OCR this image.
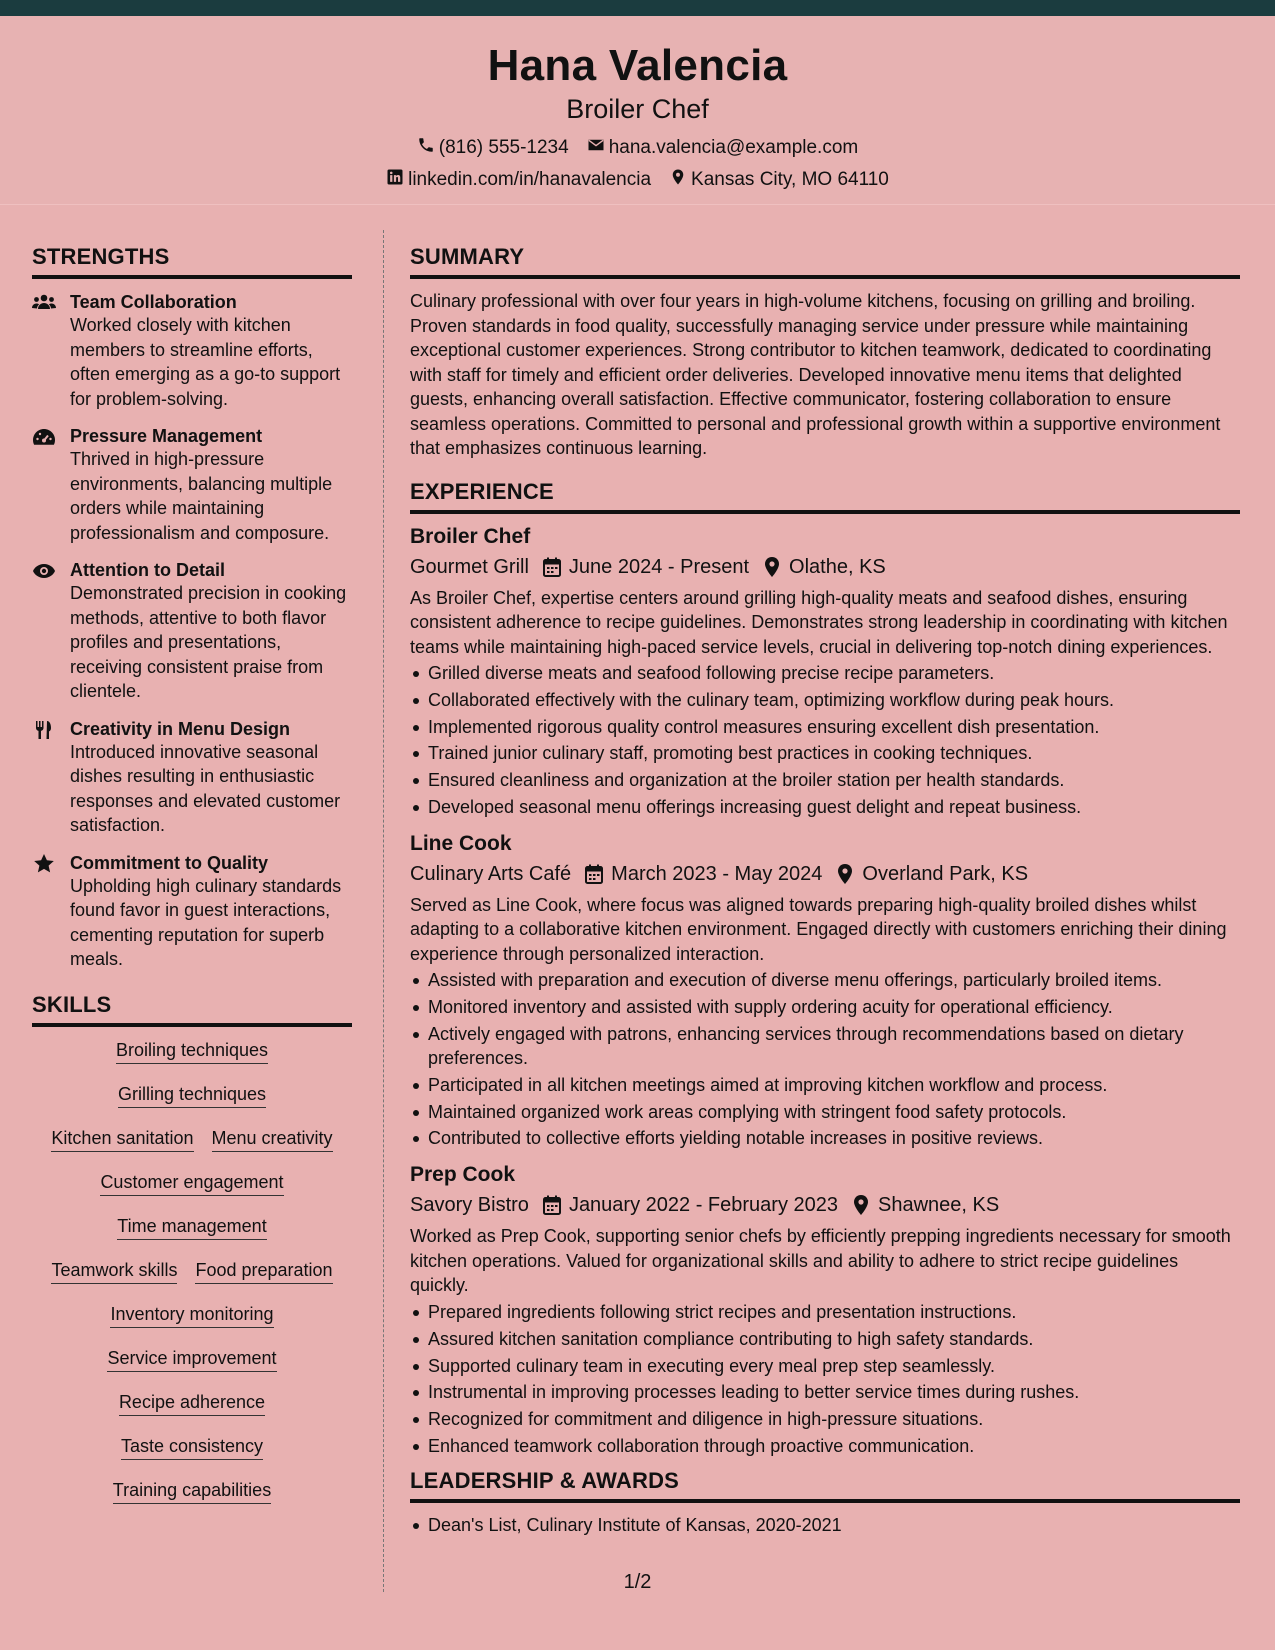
Hana Valencia
Broiler Chef
(816) 555-1234 hana.valencia@example.com
linkedin.com/in/hanavalencia Kansas City, MO 64110
STRENGTHS
Team Collaboration
Worked closely with kitchen members to streamline efforts, often emerging as a go-to support for problem-solving.
Pressure Management
Thrived in high-pressure environments, balancing multiple orders while maintaining professionalism and composure.
Attention to Detail
Demonstrated precision in cooking methods, attentive to both flavor profiles and presentations, receiving consistent praise from clientele.
Creativity in Menu Design
Introduced innovative seasonal dishes resulting in enthusiastic responses and elevated customer satisfaction.
Commitment to Quality
Upholding high culinary standards found favor in guest interactions, cementing reputation for superb meals.
SKILLS
Broiling techniques
Grilling techniques
Kitchen sanitation Menu creativity
Customer engagement
Time management
Teamwork skills Food preparation
Inventory monitoring
Service improvement
Recipe adherence
Taste consistency
Training capabilities
SUMMARY

Culinary professional with over four years in high-volume kitchens, focusing on grilling and broiling. Proven standards in food quality, successfully managing service under pressure while maintaining exceptional customer experiences. Strong contributor to kitchen teamwork, dedicated to coordinating with staff for timely and efficient order deliveries. Developed innovative menu items that delighted guests, enhancing overall satisfaction. Effective communicator, fostering collaboration to ensure seamless operations. Committed to personal and professional growth within a supportive environment that emphasizes continuous learning.

EXPERIENCE
Broiler Chef
Gourmet Grill June 2024 - Present Olathe, KS
As Broiler Chef, expertise centers around grilling high-quality meats and seafood dishes, ensuring consistent adherence to recipe guidelines. Demonstrates strong leadership in coordinating with kitchen teams while maintaining high-paced service levels, crucial in delivering top-notch dining experiences.
Grilled diverse meats and seafood following precise recipe parameters.
Collaborated effectively with the culinary team, optimizing workflow during peak hours.
Implemented rigorous quality control measures ensuring excellent dish presentation.
Trained junior culinary staff, promoting best practices in cooking techniques.
Ensured cleanliness and organization at the broiler station per health standards.
Developed seasonal menu offerings increasing guest delight and repeat business.
Line Cook
Culinary Arts Café March 2023 - May 2024 Overland Park, KS
Served as Line Cook, where focus was aligned towards preparing high-quality broiled dishes whilst adapting to a collaborative kitchen environment. Engaged directly with customers enriching their dining experience through personalized interaction.
Assisted with preparation and execution of diverse menu offerings, particularly broiled items.
Monitored inventory and assisted with supply ordering acuity for operational efficiency.
Actively engaged with patrons, enhancing services through recommendations based on dietary preferences.
Participated in all kitchen meetings aimed at improving kitchen workflow and process.
Maintained organized work areas complying with stringent food safety protocols.
Contributed to collective efforts yielding notable increases in positive reviews.
Prep Cook
Savory Bistro January 2022 - February 2023 Shawnee, KS
Worked as Prep Cook, supporting senior chefs by efficiently prepping ingredients necessary for smooth kitchen operations. Valued for organizational skills and ability to adhere to strict recipe guidelines quickly.
Prepared ingredients following strict recipes and presentation instructions.
Assured kitchen sanitation compliance contributing to high safety standards.
Supported culinary team in executing every meal prep step seamlessly.
Instrumental in improving processes leading to better service times during rushes.
Recognized for commitment and diligence in high-pressure situations.
Enhanced teamwork collaboration through proactive communication.
LEADERSHIP & AWARDS
Dean's List, Culinary Institute of Kansas, 2020-2021
1/2
